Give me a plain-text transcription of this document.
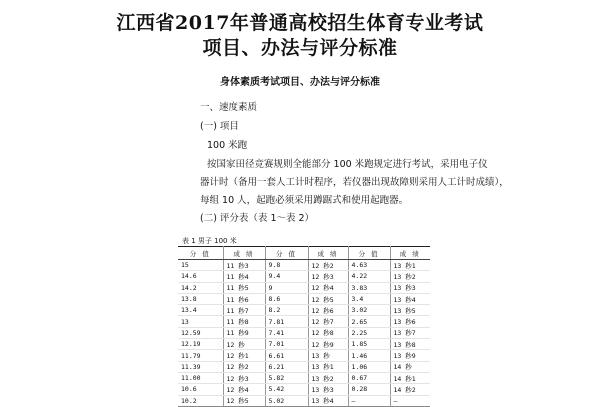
江西省2017年普通高校招生体育专业考试
项目、办法与评分标准
身体素质考试项目、办法与评分标准
一、速度素质
(一) 项目
100 米跑
按国家田径竞赛规则全能部分 100 米跑规定进行考试，采用电子仪
器计时（备用一套人工计时程序，若仪器出现故障则采用人工计时成绩），
每组 10 人，起跑必须采用蹲踞式和使用起跑器。
(二) 评分表（表 1～表 2）
表 1 男子 100 米
分 值	成 绩	分 值	成 绩	分 值	成 绩
15	11 秒3	9.8	12 秒2	4.63	13 秒1
14.6	11 秒4	9.4	12 秒3	4.22	13 秒2
14.2	11 秒5	9	12 秒4	3.83	13 秒3
13.8	11 秒6	8.6	12 秒5	3.4	13 秒4
13.4	11 秒7	8.2	12 秒6	3.02	13 秒5
13	11 秒8	7.81	12 秒7	2.65	13 秒6
12.59	11 秒9	7.41	12 秒8	2.25	13 秒7
12.19	12 秒	7.01	12 秒9	1.85	13 秒8
11.79	12 秒1	6.61	13 秒	1.46	13 秒9
11.39	12 秒2	6.21	13 秒1	1.06	14 秒
11.00	12 秒3	5.82	13 秒2	0.67	14 秒1
10.6	12 秒4	5.42	13 秒3	0.28	14 秒2
10.2	12 秒5	5.02	13 秒4	—	—
